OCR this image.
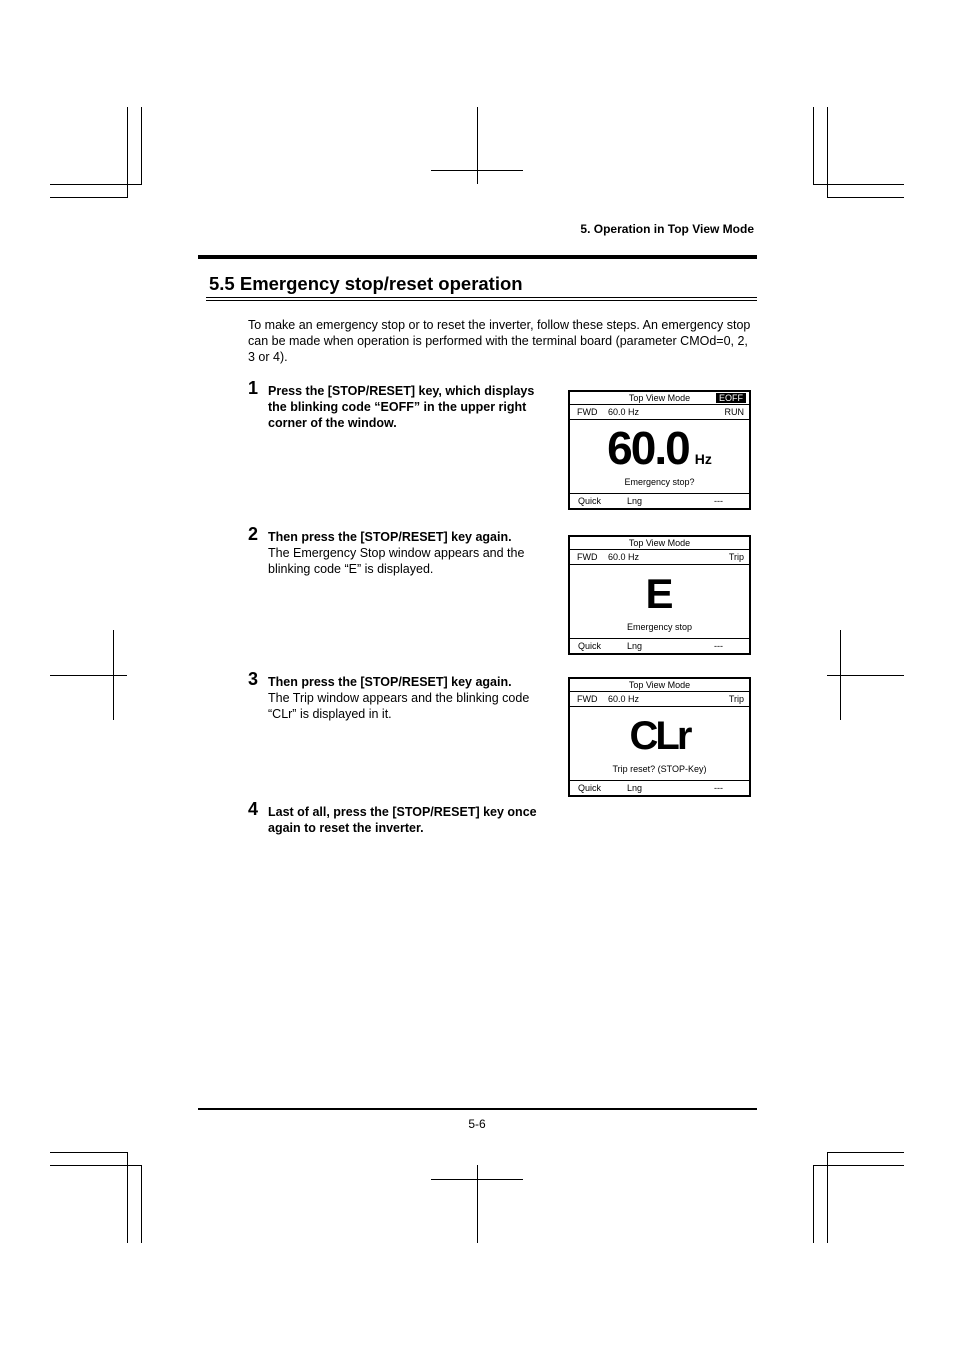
5. Operation in Top View Mode
5.5 Emergency stop/reset operation
To make an emergency stop or to reset the inverter, follow these steps. An emergency stop can be made when operation is performed with the terminal board (parameter CMOd=0, 2, 3 or 4).
1 Press the [STOP/RESET] key, which displays the blinking code “EOFF” in the upper right corner of the window.
Top View Mode	EOFF
FWD 60.0 Hz	RUN
60.0 Hz
Emergency stop?
Quick	Lng	---
2 Then press the [STOP/RESET] key again.
The Emergency Stop window appears and the blinking code “E” is displayed.
Top View Mode
FWD 60.0 Hz	Trip
E
Emergency stop
Quick	Lng	---
3 Then press the [STOP/RESET] key again.
The Trip window appears and the blinking code “CLr” is displayed in it.
Top View Mode
FWD 60.0 Hz	Trip
CLr
Trip reset? (STOP-Key)
Quick	Lng	---
4 Last of all, press the [STOP/RESET] key once again to reset the inverter.
5-6
